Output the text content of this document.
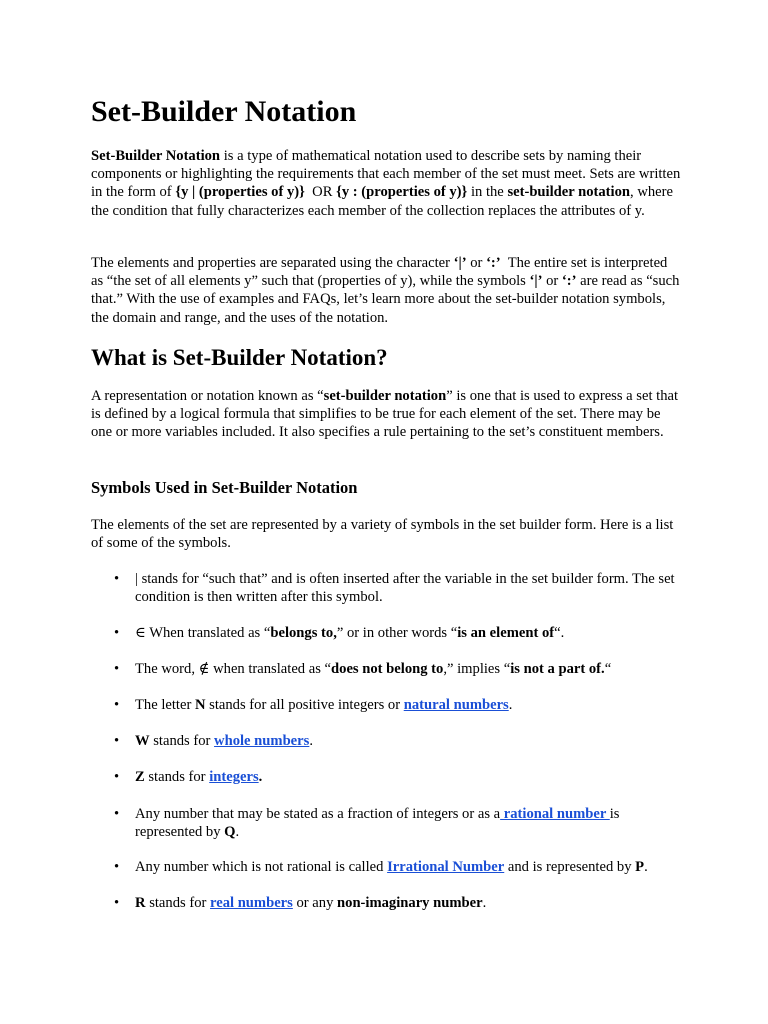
Set-Builder Notation

Set-Builder Notation is a type of mathematical notation used to describe sets by naming their components or highlighting the requirements that each member of the set must meet. Sets are written in the form of {y | (properties of y)}  OR {y : (properties of y)} in the set-builder notation, where the condition that fully characterizes each member of the collection replaces the attributes of y.

The elements and properties are separated using the character ‘|’ or ‘:’  The entire set is interpreted as “the set of all elements y” such that (properties of y), while the symbols ‘|’ or ‘:’ are read as “such that.” With the use of examples and FAQs, let’s learn more about the set-builder notation symbols, the domain and range, and the uses of the notation.

What is Set-Builder Notation?

A representation or notation known as “set-builder notation” is one that is used to express a set that is defined by a logical formula that simplifies to be true for each element of the set. There may be one or more variables included. It also specifies a rule pertaining to the set’s constituent members.

Symbols Used in Set-Builder Notation

The elements of the set are represented by a variety of symbols in the set builder form. Here is a list of some of the symbols.

•	| stands for “such that” and is often inserted after the variable in the set builder form. The set condition is then written after this symbol.
•	∈ When translated as “belongs to,” or in other words “is an element of“.
•	The word, ∉ when translated as “does not belong to,” implies “is not a part of.“
•	The letter N stands for all positive integers or natural numbers.
•	W stands for whole numbers.
•	Z stands for integers.
•	Any number that may be stated as a fraction of integers or as a rational number is represented by Q.
•	Any number which is not rational is called Irrational Number and is represented by P.
•	R stands for real numbers or any non-imaginary number.
